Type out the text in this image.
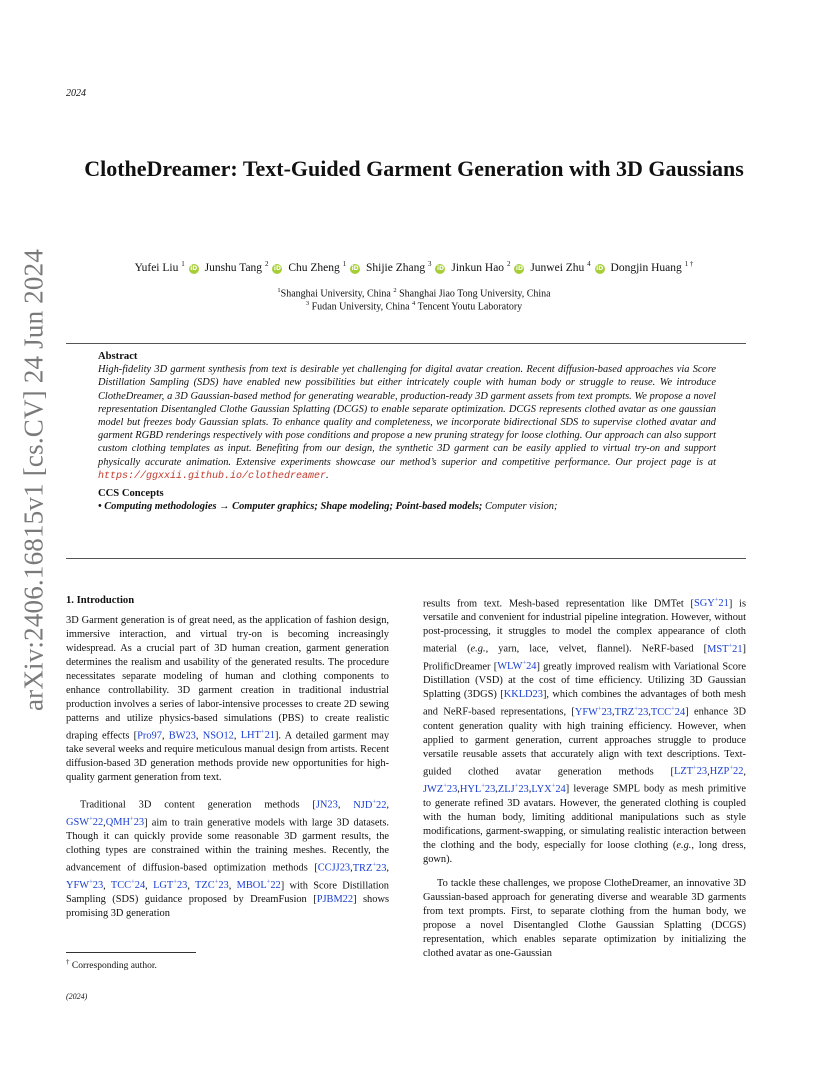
2024
ClotheDreamer: Text-Guided Garment Generation with 3D Gaussians
Yufei Liu $^1$iD Junshu Tang $^2$iD Chu Zheng $^1$iD Shijie Zhang $^3$iD Jinkun Hao $^2$iD Junwei Zhu $^4$iD Dongjin Huang $^{1 \dagger}$
$^1$Shanghai University, China $^2$ Shanghai Jiao Tong University, China
$^3$ Fudan University, China $^4$ Tencent Youtu Laboratory
Abstract
High-fidelity 3D garment synthesis from text is desirable yet challenging for digital avatar creation. Recent diffusion-based approaches via Score Distillation Sampling (SDS) have enabled new possibilities but either intricately couple with human body or struggle to reuse. We introduce ClotheDreamer, a 3D Gaussian-based method for generating wearable, production-ready 3D garment assets from text prompts. We propose a novel representation Disentangled Clothe Gaussian Splatting (DCGS) to enable separate optimization. DCGS represents clothed avatar as one gaussian model but freezes body Gaussian splats. To enhance quality and completeness, we incorporate bidirectional SDS to supervise clothed avatar and garment RGBD renderings respectively with pose conditions and propose a new pruning strategy for loose clothing. Our approach can also support custom clothing templates as input. Benefiting from our design, the synthetic 3D garment can be easily applied to virtual try-on and support physically accurate animation. Extensive experiments showcase our method’s superior and competitive performance. Our project page is at https://ggxxii.github.io/clothedreamer.
CCS Concepts
• Computing methodologies → Computer graphics; Shape modeling; Point-based models; Computer vision;
arXiv:2406.16815v1 [cs.CV] 24 Jun 2024 1. Introduction

3D Garment generation is of great need, as the application of fashion design, immersive interaction, and virtual try-on is becoming increasingly widespread. As a crucial part of 3D human creation, garment generation determines the realism and usability of the generated results. The procedure necessitates separate modeling of human and clothing components to enhance controllability. 3D garment creation in traditional industrial production involves a series of labor-intensive processes to create 2D sewing patterns and utilize physics-based simulations (PBS) to create realistic draping effects [Pro97, BW23, NSO12, LHT+21]. A detailed garment may take several weeks and require meticulous manual design from artists. Recent diffusion-based 3D generation methods provide new opportunities for high-quality garment generation from text.

Traditional 3D content generation methods [JN23, NJD+22, GSW+22,QMH+23] aim to train generative models with large 3D datasets. Though it can quickly provide some reasonable 3D garment results, the clothing types are constrained within the training meshes. Recently, the advancement of diffusion-based optimization methods [CCJJ23,TRZ+23, YFW+23, TCC+24, LGT+23, TZC+23, MBOL+22] with Score Distillation Sampling (SDS) guidance proposed by DreamFusion [PJBM22] shows promising 3D generation

results from text. Mesh-based representation like DMTet [SGY+21] is versatile and convenient for industrial pipeline integration. However, without post-processing, it struggles to model the complex appearance of cloth material (e.g., yarn, lace, velvet, flannel). NeRF-based [MST+21] ProlificDreamer [WLW+24] greatly improved realism with Variational Score Distillation (VSD) at the cost of time efficiency. Utilizing 3D Gaussian Splatting (3DGS) [KKLD23], which combines the advantages of both mesh and NeRF-based representations, [YFW+23,TRZ+23,TCC+24] enhance 3D content generation quality with high training efficiency. However, when applied to garment generation, current approaches struggle to produce versatile reusable assets that accurately align with text descriptions. Text-guided clothed avatar generation methods [LZT+23,HZP+22, JWZ+23,HYL+23,ZLJ+23,LYX+24] leverage SMPL body as mesh primitive to generate refined 3D avatars. However, the generated clothing is coupled with the human body, limiting additional manipulations such as style modifications, garment-swapping, or simulating realistic interaction between the clothing and the body, especially for loose clothing (e.g., long dress, gown).

To tackle these challenges, we propose ClotheDreamer, an innovative 3D Gaussian-based approach for generating diverse and wearable 3D garments from text prompts. First, to separate clothing from the human body, we propose a novel Disentangled Clothe Gaussian Splatting (DCGS) representation, which enables separate optimization by initializing the clothed avatar as one-Gaussian

† Corresponding author.
(2024)
